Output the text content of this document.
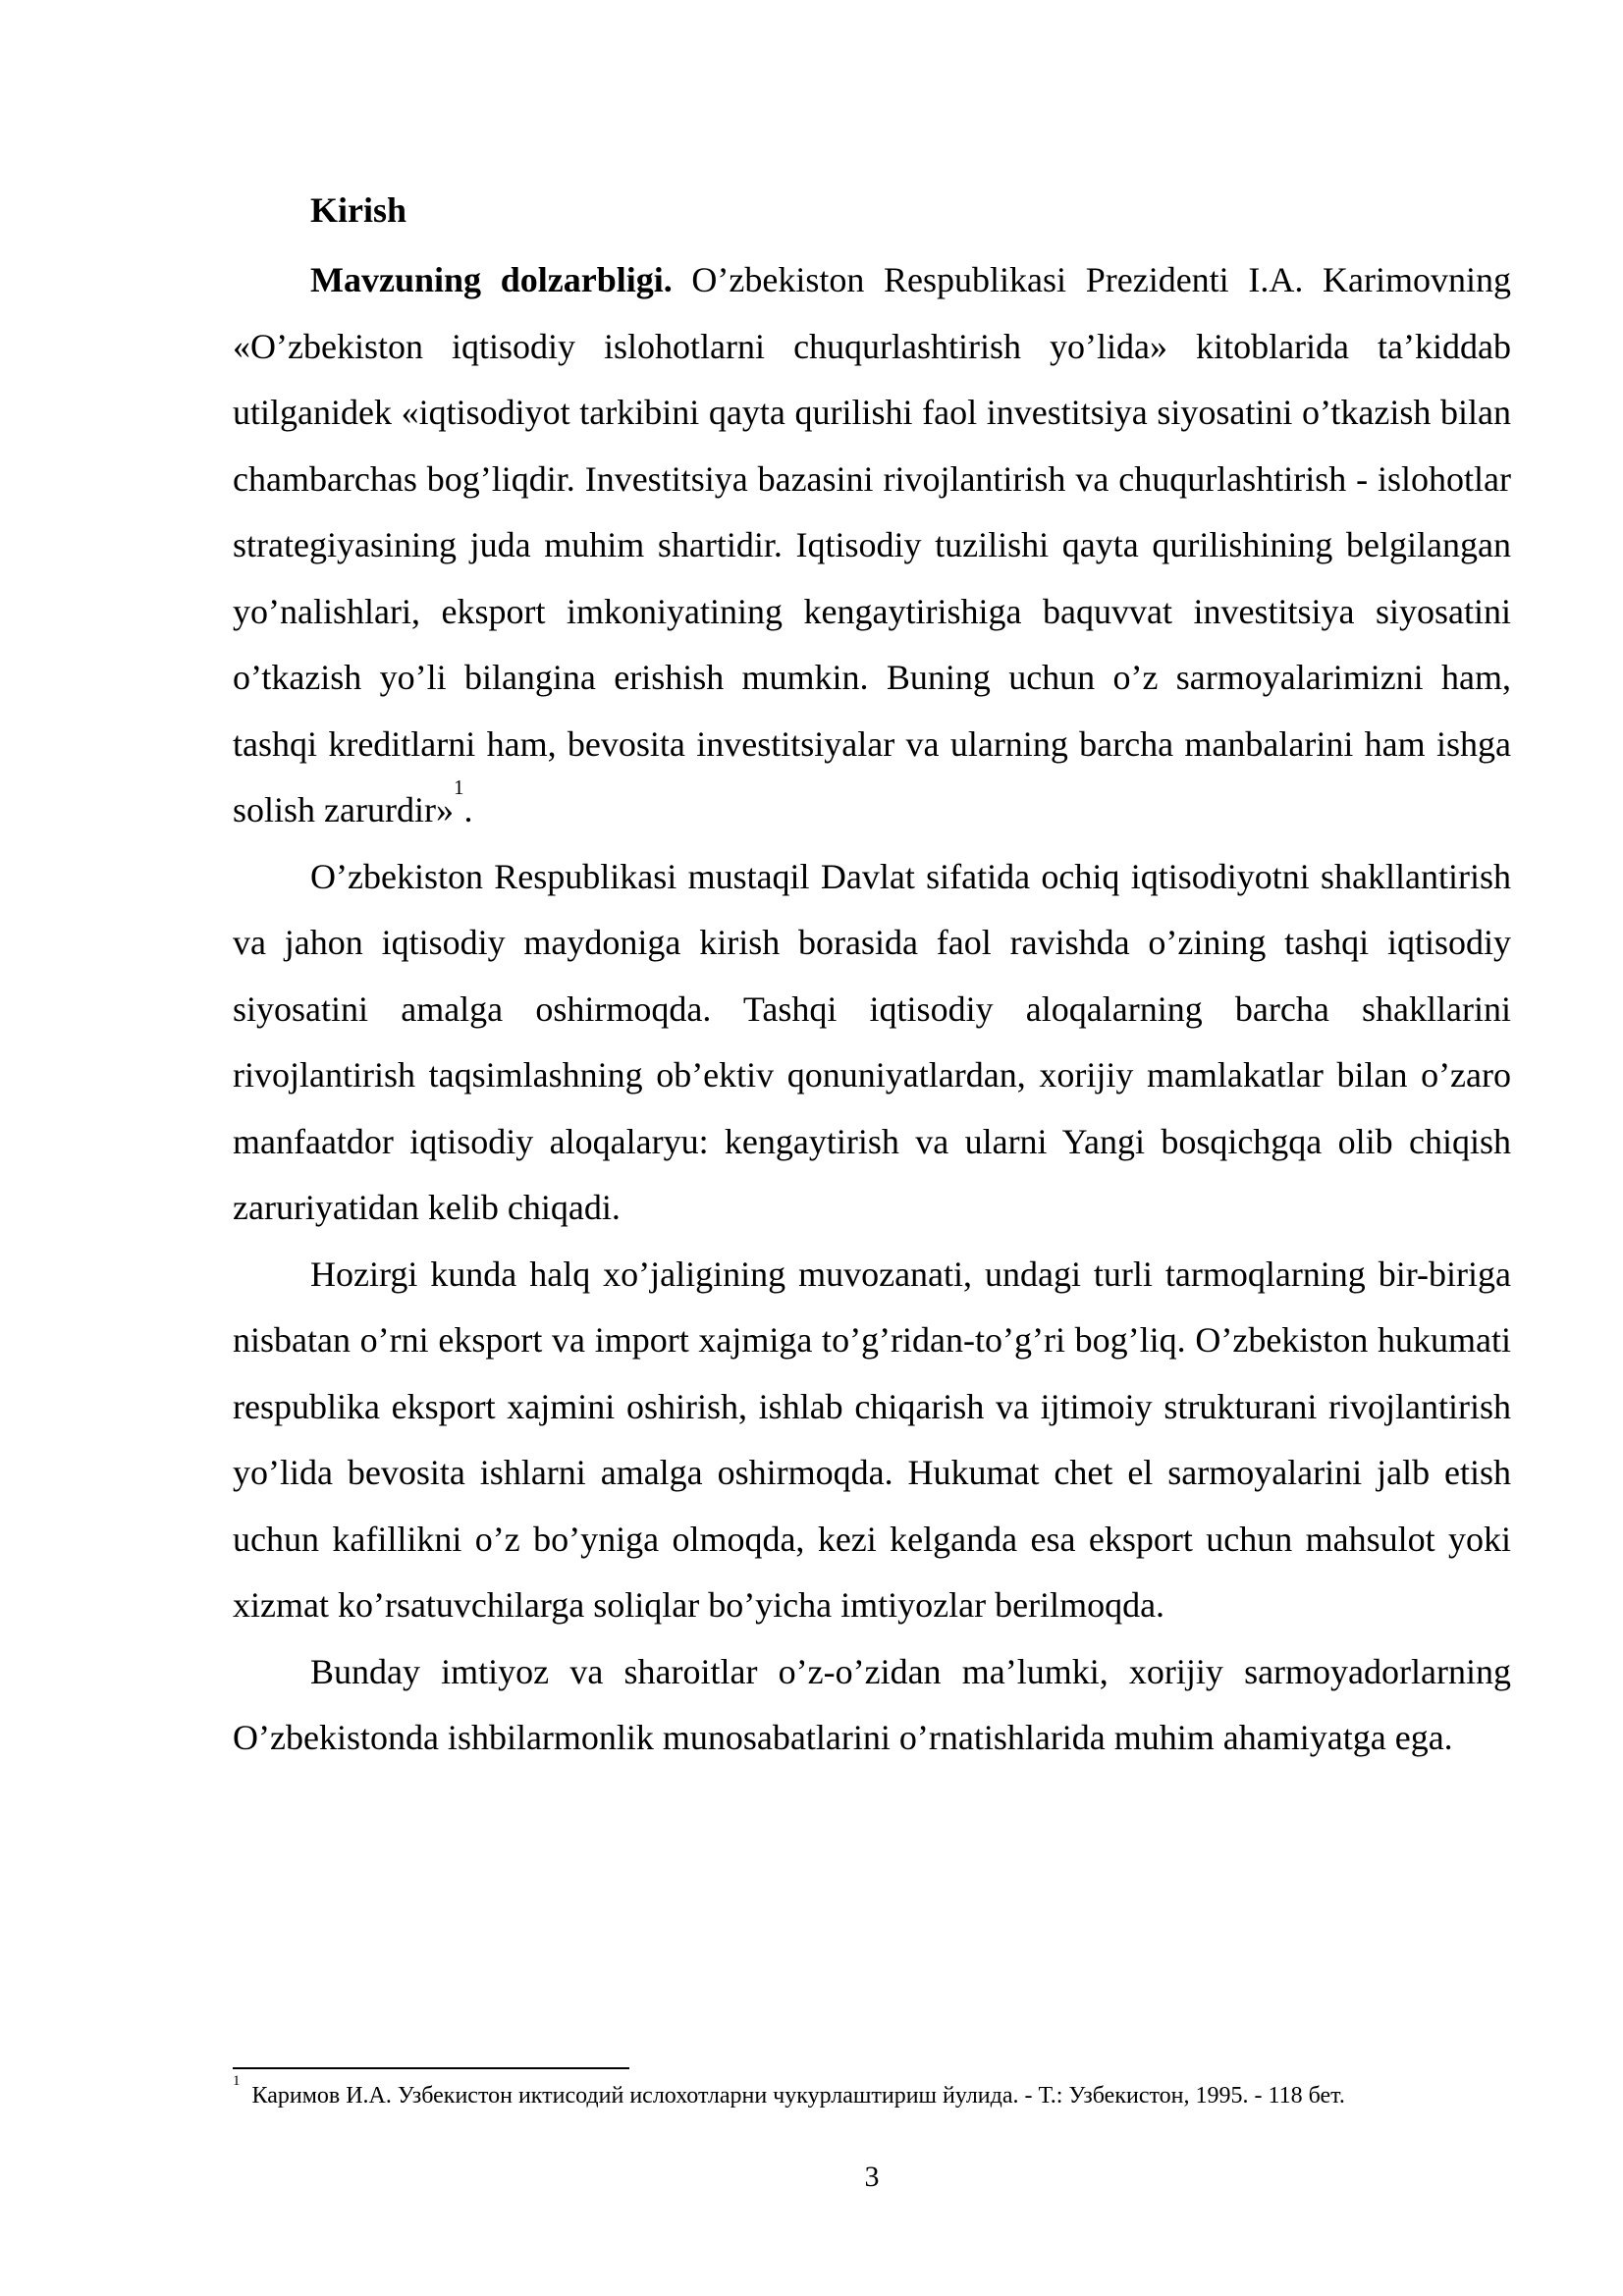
Kirish

Mavzuning dolzarbligi. O’zbekiston Respublikasi Prezidenti I.A. Karimovning «O’zbekiston iqtisodiy islohotlarni chuqurlashtirish yo’lida» kitoblarida ta’kiddab utilganidek «iqtisodiyot tarkibini qayta qurilishi faol investitsiya siyosatini o’tkazish bilan chambarchas bog’liqdir. Investitsiya bazasini rivojlantirish va chuqurlashtirish - islohotlar strategiyasining juda muhim shartidir. Iqtisodiy tuzilishi qayta qurilishining belgilangan yo’nalishlari, eksport imkoniyatining kengaytirishiga baquvvat investitsiya siyosatini o’tkazish yo’li bilangina erishish mumkin. Buning uchun o’z sarmoyalarimizni ham, tashqi kreditlarni ham, bevosita investitsiyalar va ularning barcha manbalarini ham ishga solish zarurdir»$^1$.

O’zbekiston Respublikasi mustaqil Davlat sifatida ochiq iqtisodiyotni shakllantirish va jahon iqtisodiy maydoniga kirish borasida faol ravishda o’zining tashqi iqtisodiy siyosatini amalga oshirmoqda. Tashqi iqtisodiy aloqalarning barcha shakllarini rivojlantirish taqsimlashning ob’ektiv qonuniyatlardan, xorijiy mamlakatlar bilan o’zaro manfaatdor iqtisodiy aloqalaryu: kengaytirish va ularni Yangi bosqichgqa olib chiqish zaruriyatidan kelib chiqadi.

Hozirgi kunda halq xo’jaligining muvozanati, undagi turli tarmoqlarning bir-biriga nisbatan o’rni eksport va import xajmiga to’g’ridan-to’g’ri bog’liq. O’zbekiston hukumati respublika eksport xajmini oshirish, ishlab chiqarish va ijtimoiy strukturani rivojlantirish yo’lida bevosita ishlarni amalga oshirmoqda. Hukumat chet el sarmoyalarini jalb etish uchun kafillikni o’z bo’yniga olmoqda, kezi kelganda esa eksport uchun mahsulot yoki xizmat ko’rsatuvchilarga soliqlar bo’yicha imtiyozlar berilmoqda.

Bunday imtiyoz va sharoitlar o’z-o’zidan ma’lumki, xorijiy sarmoyadorlarning O’zbekistonda ishbilarmonlik munosabatlarini o’rnatishlarida muhim ahamiyatga ega.

$^1$Каримов И.А. Узбекистон иктисодий ислохотларни чукурлаштириш йулида. - Т.: Узбекистон, 1995. - 118 бет.

3
